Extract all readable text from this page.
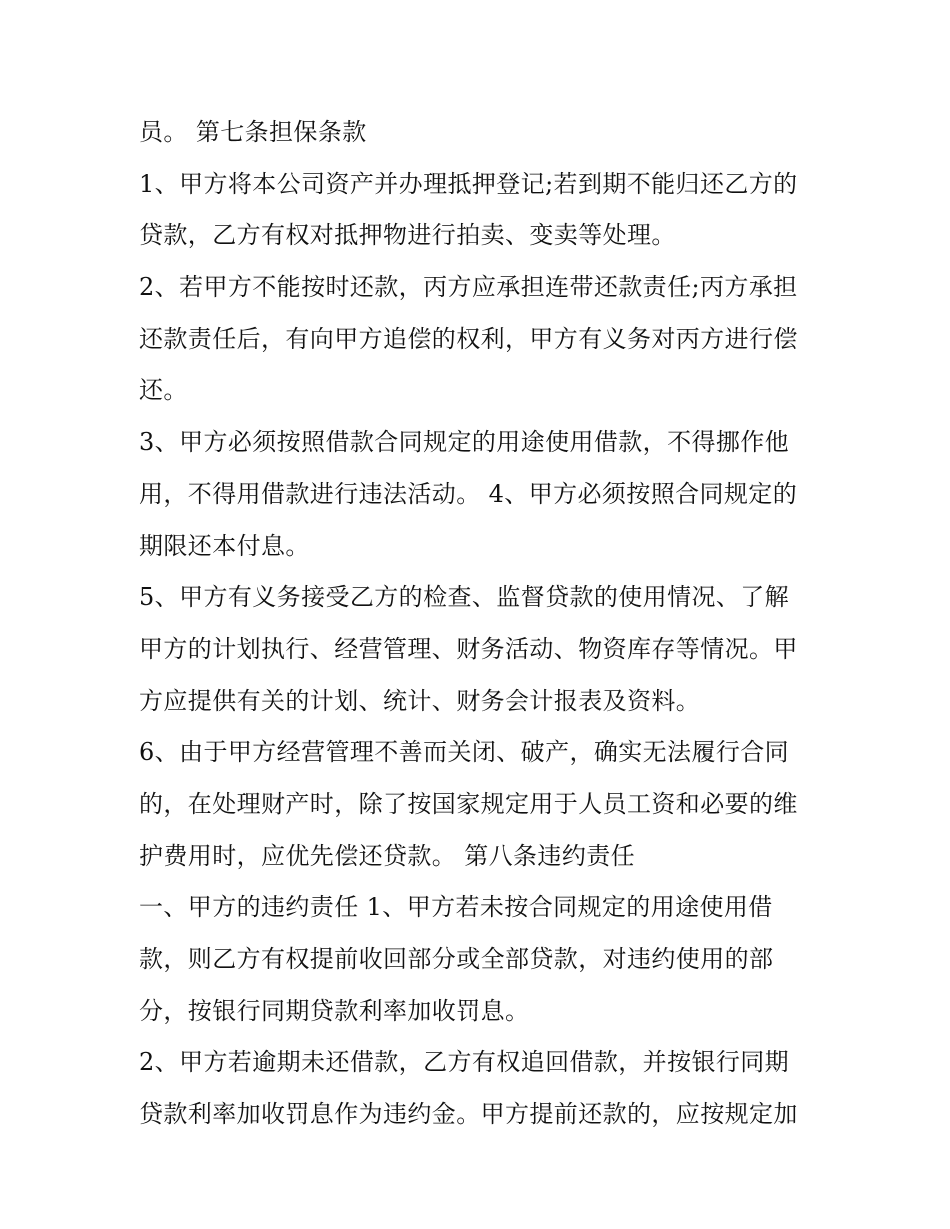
员。 第七条担保条款
1、甲方将本公司资产并办理抵押登记;若到期不能归还乙方的
贷款，乙方有权对抵押物进行拍卖、变卖等处理。
2、若甲方不能按时还款，丙方应承担连带还款责任;丙方承担
还款责任后，有向甲方追偿的权利，甲方有义务对丙方进行偿
还。
3、甲方必须按照借款合同规定的用途使用借款，不得挪作他
用，不得用借款进行违法活动。 4、甲方必须按照合同规定的
期限还本付息。
5、甲方有义务接受乙方的检查、监督贷款的使用情况、了解
甲方的计划执行、经营管理、财务活动、物资库存等情况。甲
方应提供有关的计划、统计、财务会计报表及资料。
6、由于甲方经营管理不善而关闭、破产，确实无法履行合同
的，在处理财产时，除了按国家规定用于人员工资和必要的维
护费用时，应优先偿还贷款。 第八条违约责任
一、甲方的违约责任 1、甲方若未按合同规定的用途使用借
款，则乙方有权提前收回部分或全部贷款，对违约使用的部
分，按银行同期贷款利率加收罚息。
2、甲方若逾期未还借款，乙方有权追回借款，并按银行同期
贷款利率加收罚息作为违约金。甲方提前还款的，应按规定加
